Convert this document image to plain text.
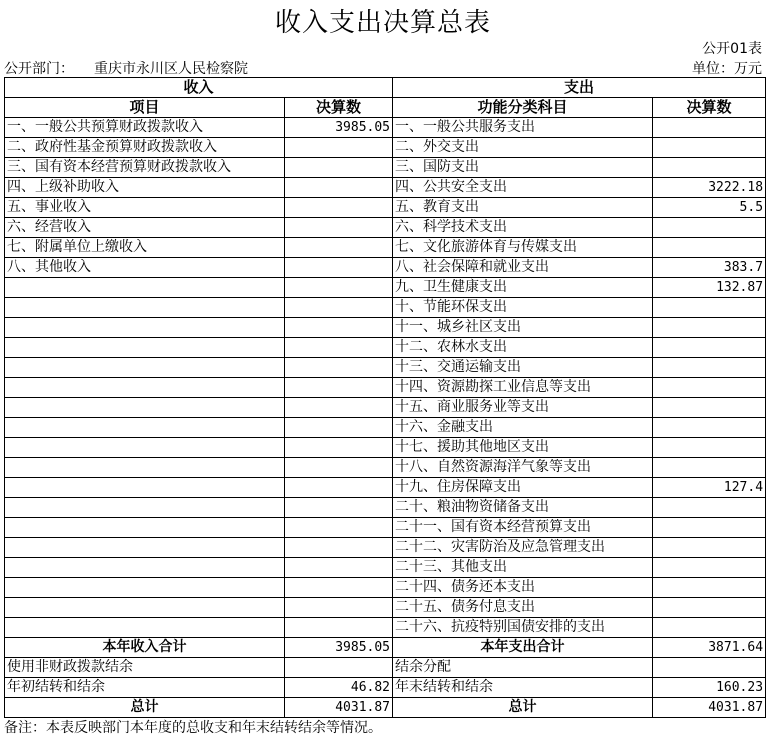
收入支出决算总表
公开01表
公开部门： 重庆市永川区人民检察院	单位：万元
收入		支出	
项目	决算数	功能分类科目	决算数
一、一般公共预算财政拨款收入	3985.05	一、一般公共服务支出	
二、政府性基金预算财政拨款收入		二、外交支出	
三、国有资本经营预算财政拨款收入		三、国防支出	
四、上级补助收入		四、公共安全支出	3222.18
五、事业收入		五、教育支出	5.5
六、经营收入		六、科学技术支出	
七、附属单位上缴收入		七、文化旅游体育与传媒支出	
八、其他收入		八、社会保障和就业支出	383.7
		九、卫生健康支出	132.87
		十、节能环保支出	
		十一、城乡社区支出	
		十二、农林水支出	
		十三、交通运输支出	
		十四、资源勘探工业信息等支出	
		十五、商业服务业等支出	
		十六、金融支出	
		十七、援助其他地区支出	
		十八、自然资源海洋气象等支出	
		十九、住房保障支出	127.4
		二十、粮油物资储备支出	
		二十一、国有资本经营预算支出	
		二十二、灾害防治及应急管理支出	
		二十三、其他支出	
		二十四、债务还本支出	
		二十五、债务付息支出	
		二十六、抗疫特别国债安排的支出	
本年收入合计	3985.05	本年支出合计	3871.64
使用非财政拨款结余		结余分配	
年初结转和结余	46.82	年末结转和结余	160.23
总计	4031.87	总计	4031.87
备注：本表反映部门本年度的总收支和年末结转结余等情况。
